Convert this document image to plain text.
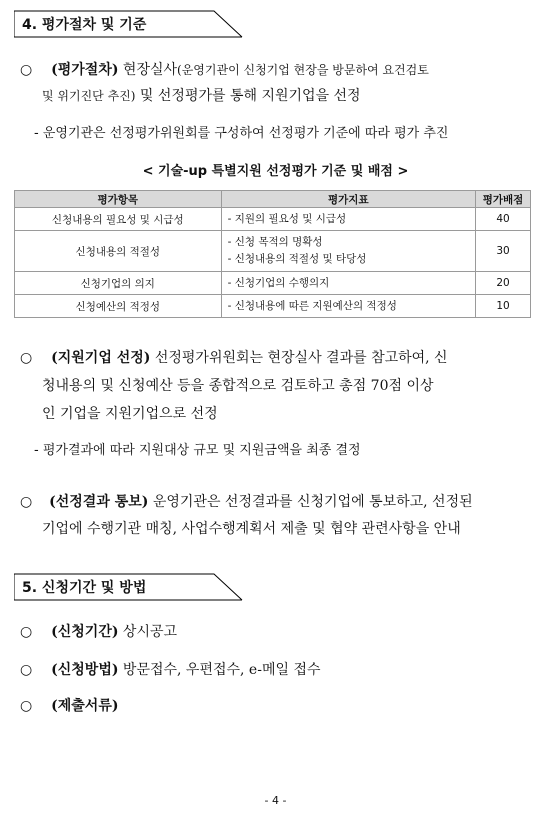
4. 평가절차 및 기준
○ (평가절차) 현장실사(운영기관이 신청기업 현장을 방문하여 요건검토
및 위기진단 추진) 및 선정평가를 통해 지원기업을 선정
- 운영기관은 선정평가위원회를 구성하여 선정평가 기준에 따라 평가 추진
< 기술-up 특별지원 선정평가 기준 및 배점 >
평가항목	평가지표	평가배점
신청내용의 필요성 및 시급성	- 지원의 필요성 및 시급성	40
신청내용의 적절성	- 신청 목적의 명확성
- 신청내용의 적절성 및 타당성	30
신청기업의 의지	- 신청기업의 수행의지	20
신청예산의 적정성	- 신청내용에 따른 지원예산의 적정성	10
○ (지원기업 선정) 선정평가위원회는 현장실사 결과를 참고하여, 신
청내용의 및 신청예산 등을 종합적으로 검토하고 총점 70점 이상
인 기업을 지원기업으로 선정
- 평가결과에 따라 지원대상 규모 및 지원금액을 최종 결정
○ (선정결과 통보) 운영기관은 선정결과를 신청기업에 통보하고, 선정된
기업에 수행기관 매칭, 사업수행계획서 제출 및 협약 관련사항을 안내
5. 신청기간 및 방법
○ (신청기간) 상시공고
○ (신청방법) 방문접수, 우편접수, e-메일 접수
○ (제출서류)
- 4 -
